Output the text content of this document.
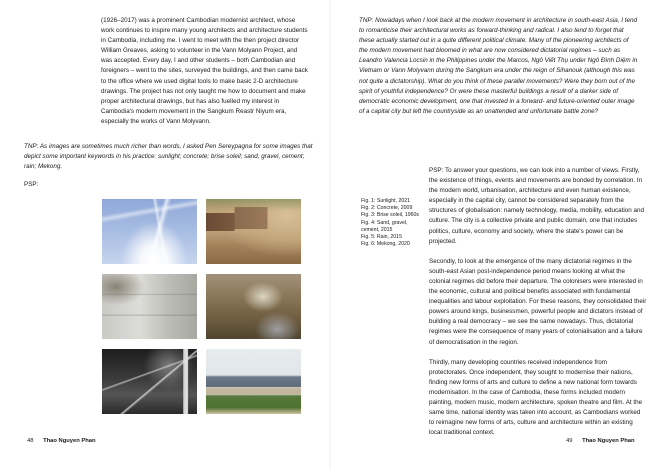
(1926–2017) was a prominent Cambodian modernist architect, whose work continues to inspire many young architects and architecture students in Cambodia, including me. I went to meet with the then project director William Greaves, asking to volunteer in the Vann Molyann Project, and was accepted. Every day, I and other students – both Cambodian and foreigners – went to the sites, surveyed the buildings, and then came back to the office where we used digital tools to make basic 2-D architecture drawings. The project has not only taught me how to document and make proper architectural drawings, but has also fuelled my interest in Cambodia's modern movement in the Sangkum Reastr Niyum era, especially the works of Vann Molyvann.

TNP: As images are sometimes much richer than words, I asked Pen Sereypagna for some images that depict some important keywords in his practice: sunlight; concrete; brise soleil; sand, gravel, cement; rain; Mekong.

PSP:
48 Thao Nguyen Phan

TNP: Nowadays when I look back at the modern movement in architecture in south-east Asia, I tend to romanticise their architectural works as forward-thinking and radical. I also tend to forget that these actually started out in a quite different political climate. Many of the pioneering architects of the modern movement had bloomed in what are now considered dictatorial regimes – such as Leandro Valencia Locsin in the Philippines under the Marcos, Ngô Viết Thụ under Ngô Đình Diệm in Vietnam or Vann Molyvann during the Sangkum era under the reign of Sihanouk (although this was not quite a dictatorship). What do you think of these parallel movements? Were they born out of the spirit of youthful independence? Or were these masterful buildings a result of a darker side of democratic economic development, one that invested in a forward- and future-oriented outer image of a capital city but left the countryside as an unattended and unfortunate battle zone?

Fig. 1: Sunlight, 2021
Fig. 2: Concrete, 2009
Fig. 3: Brise soleil, 1960s
Fig. 4: Sand, gravel, cement, 2015
Fig. 5: Rain, 2015
Fig. 6: Mekong, 2020

PSP: To answer your questions, we can look into a number of views. Firstly, the existence of things, events and movements are bonded by correlation. In the modern world, urbanisation, architecture and even human existence, especially in the capital city, cannot be considered separately from the structures of globalisation: namely technology, media, mobility, education and culture. The city is a collective private and public domain, one that includes politics, culture, economy and society, where the state's power can be projected.

Secondly, to look at the emergence of the many dictatorial regimes in the south-east Asian post-independence period means looking at what the colonial regimes did before their departure. The colonisers were interested in the economic, cultural and political benefits associated with fundamental inequalities and labour exploitation. For these reasons, they consolidated their powers around kings, businessmen, powerful people and dictators instead of building a real democracy – we see the same nowadays. Thus, dictatorial regimes were the consequence of many years of colonialisation and a failure of democratisation in the region.

Thirdly, many developing countries received independence from protectorates. Once independent, they sought to modernise their nations, finding new forms of arts and culture to define a new national form towards modernisation. In the case of Cambodia, these forms included modern painting, modern music, modern architecture, spoken theatre and film. At the same time, national identity was taken into account, as Cambodians worked to reimagine new forms of arts, culture and architecture within an existing local traditional context.

49 Thao Nguyen Phan
